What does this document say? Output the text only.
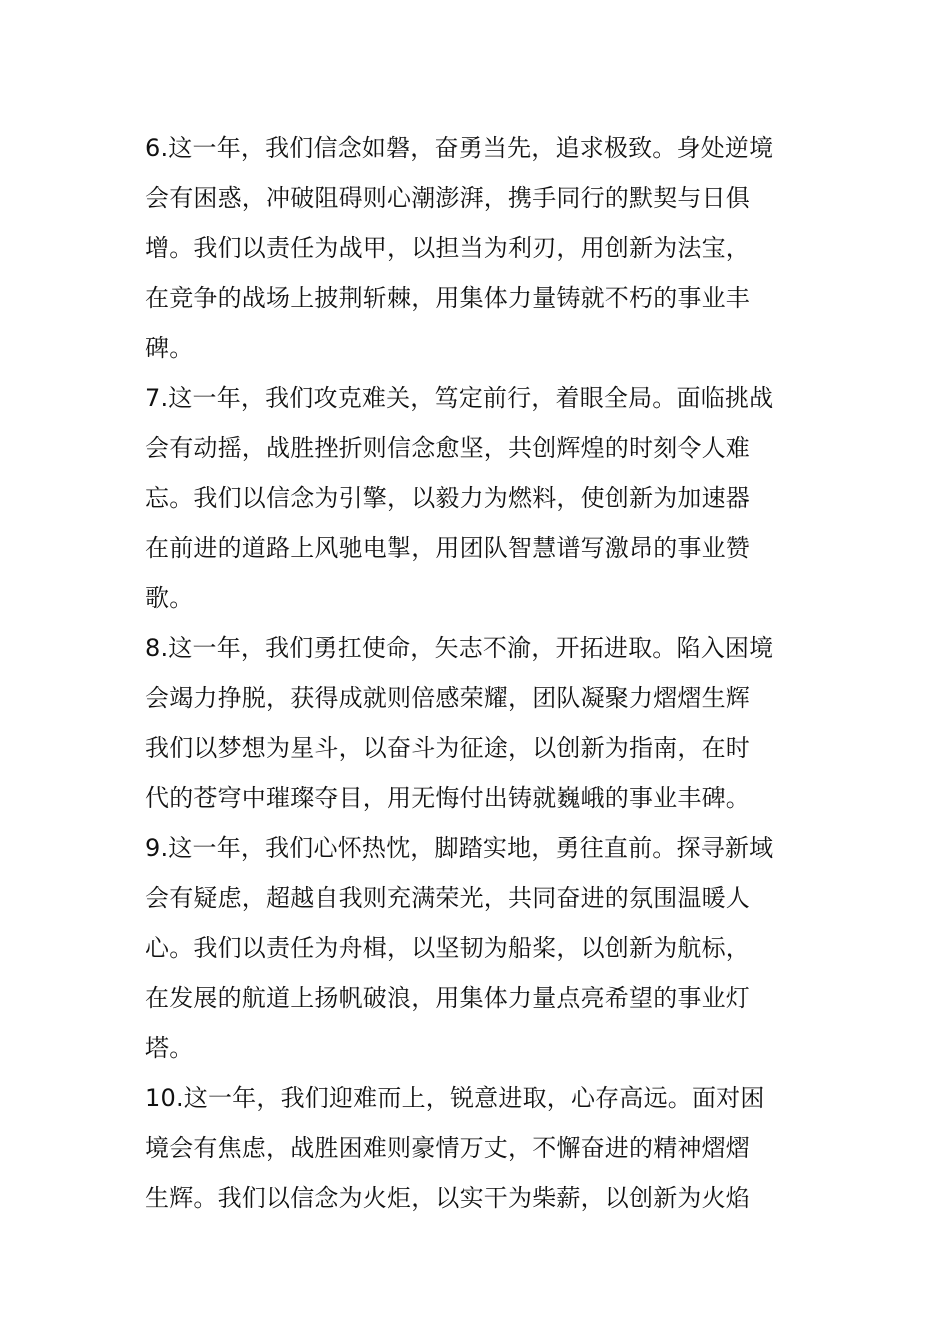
6.这一年，我们信念如磐，奋勇当先，追求极致。身处逆境
会有困惑，冲破阻碍则心潮澎湃，携手同行的默契与日俱
增。我们以责任为战甲，以担当为利刃，用创新为法宝，
在竞争的战场上披荆斩棘，用集体力量铸就不朽的事业丰
碑。
7.这一年，我们攻克难关，笃定前行，着眼全局。面临挑战
会有动摇，战胜挫折则信念愈坚，共创辉煌的时刻令人难
忘。我们以信念为引擎，以毅力为燃料，使创新为加速器
在前进的道路上风驰电掣，用团队智慧谱写激昂的事业赞
歌。
8.这一年，我们勇扛使命，矢志不渝，开拓进取。陷入困境
会竭力挣脱，获得成就则倍感荣耀，团队凝聚力熠熠生辉
我们以梦想为星斗，以奋斗为征途，以创新为指南，在时
代的苍穹中璀璨夺目，用无悔付出铸就巍峨的事业丰碑。
9.这一年，我们心怀热忱，脚踏实地，勇往直前。探寻新域
会有疑虑，超越自我则充满荣光，共同奋进的氛围温暖人
心。我们以责任为舟楫，以坚韧为船桨，以创新为航标，
在发展的航道上扬帆破浪，用集体力量点亮希望的事业灯
塔。
10.这一年，我们迎难而上，锐意进取，心存高远。面对困
境会有焦虑，战胜困难则豪情万丈，不懈奋进的精神熠熠
生辉。我们以信念为火炬，以实干为柴薪，以创新为火焰
